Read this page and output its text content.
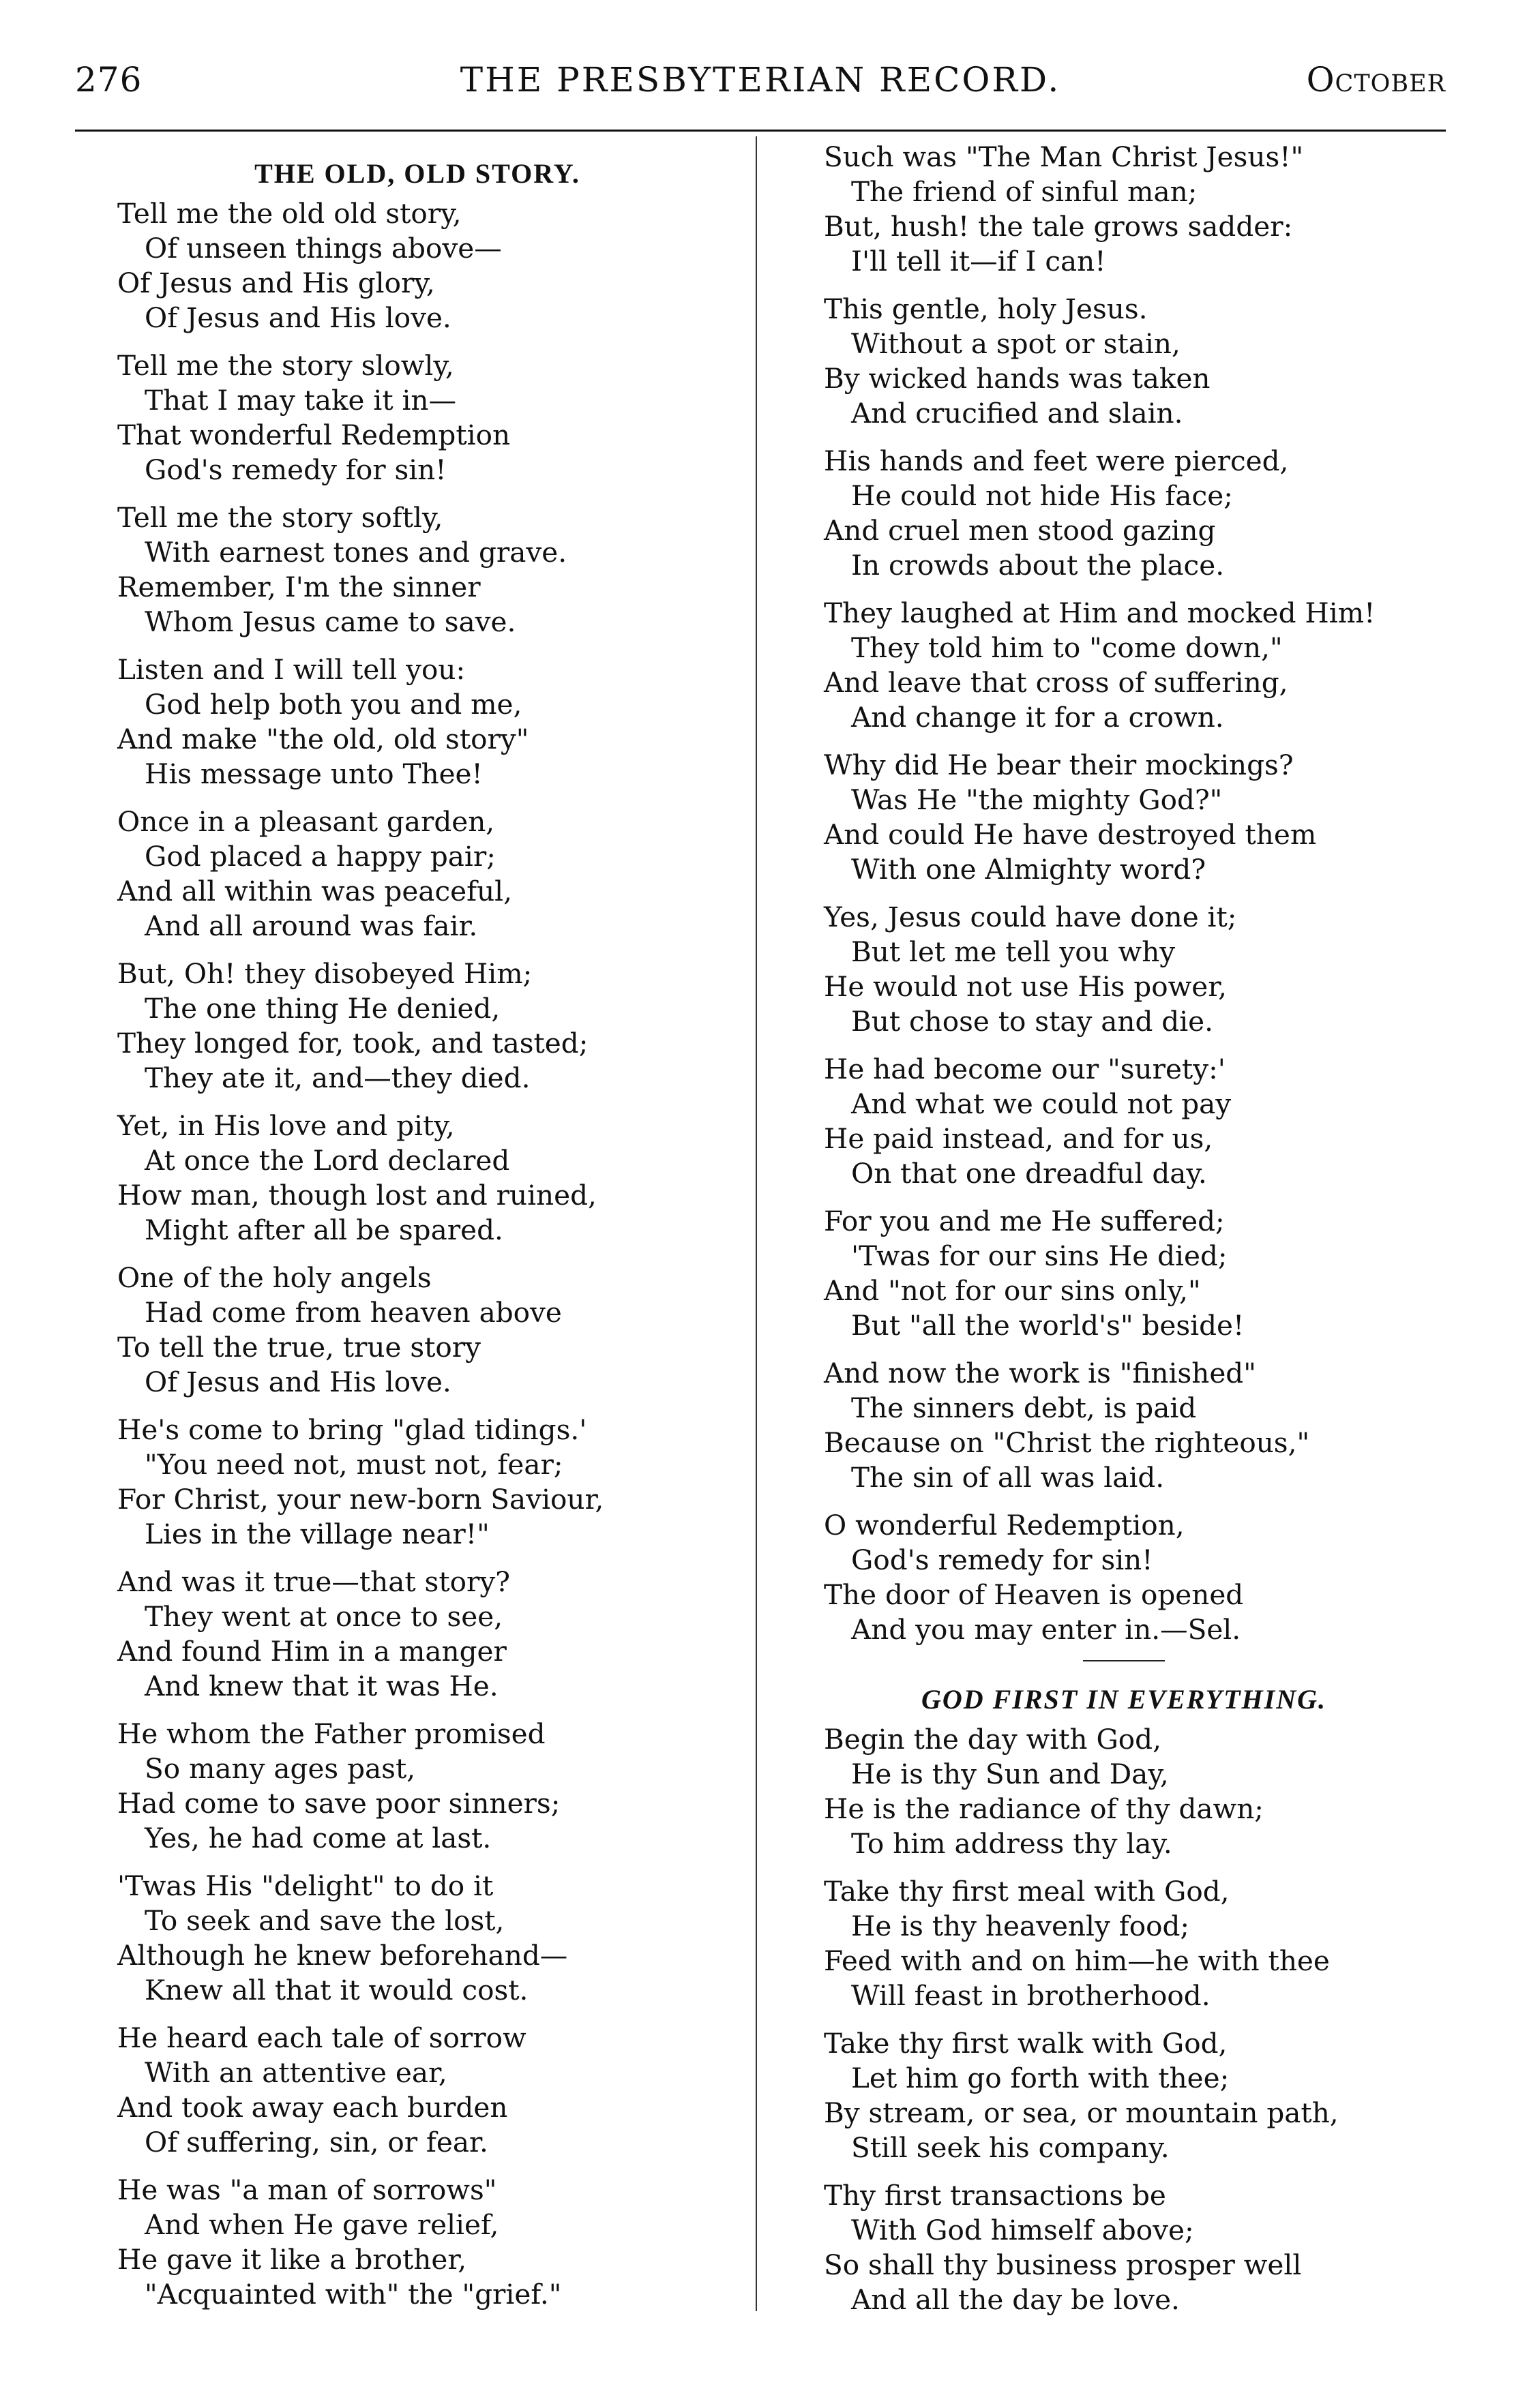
276	THE PRESBYTERIAN RECORD.	October
THE OLD, OLD STORY.
Tell me the old old story,
Of unseen things above—
Of Jesus and His glory,
Of Jesus and His love.
Tell me the story slowly,
That I may take it in—
That wonderful Redemption
God's remedy for sin!
Tell me the story softly,
With earnest tones and grave.
Remember, I'm the sinner
Whom Jesus came to save.
Listen and I will tell you:
God help both you and me,
And make "the old, old story"
His message unto Thee!
Once in a pleasant garden,
God placed a happy pair;
And all within was peaceful,
And all around was fair.
But, Oh! they disobeyed Him;
The one thing He denied,
They longed for, took, and tasted;
They ate it, and—they died.
Yet, in His love and pity,
At once the Lord declared
How man, though lost and ruined,
Might after all be spared.
One of the holy angels
Had come from heaven above
To tell the true, true story
Of Jesus and His love.
He's come to bring "glad tidings.'
"You need not, must not, fear;
For Christ, your new-born Saviour,
Lies in the village near!"
And was it true—that story?
They went at once to see,
And found Him in a manger
And knew that it was He.
He whom the Father promised
So many ages past,
Had come to save poor sinners;
Yes, he had come at last.
'Twas His "delight" to do it
To seek and save the lost,
Although he knew beforehand—
Knew all that it would cost.
He heard each tale of sorrow
With an attentive ear,
And took away each burden
Of suffering, sin, or fear.
He was "a man of sorrows"
And when He gave relief,
He gave it like a brother,
"Acquainted with" the "grief."
Such was "The Man Christ Jesus!"
The friend of sinful man;
But, hush! the tale grows sadder:
I'll tell it—if I can!
This gentle, holy Jesus.
Without a spot or stain,
By wicked hands was taken
And crucified and slain.
His hands and feet were pierced,
He could not hide His face;
And cruel men stood gazing
In crowds about the place.
They laughed at Him and mocked Him!
They told him to "come down,"
And leave that cross of suffering,
And change it for a crown.
Why did He bear their mockings?
Was He "the mighty God?"
And could He have destroyed them
With one Almighty word?
Yes, Jesus could have done it;
But let me tell you why
He would not use His power,
But chose to stay and die.
He had become our "surety:'
And what we could not pay
He paid instead, and for us,
On that one dreadful day.
For you and me He suffered;
'Twas for our sins He died;
And "not for our sins only,"
But "all the world's" beside!
And now the work is "finished"
The sinners debt, is paid
Because on "Christ the righteous,"
The sin of all was laid.
O wonderful Redemption,
God's remedy for sin!
The door of Heaven is opened
And you may enter in.—Sel.
GOD FIRST IN EVERYTHING.
Begin the day with God,
He is thy Sun and Day,
He is the radiance of thy dawn;
To him address thy lay.
Take thy first meal with God,
He is thy heavenly food;
Feed with and on him—he with thee
Will feast in brotherhood.
Take thy first walk with God,
Let him go forth with thee;
By stream, or sea, or mountain path,
Still seek his company.
Thy first transactions be
With God himself above;
So shall thy business prosper well
And all the day be love.
